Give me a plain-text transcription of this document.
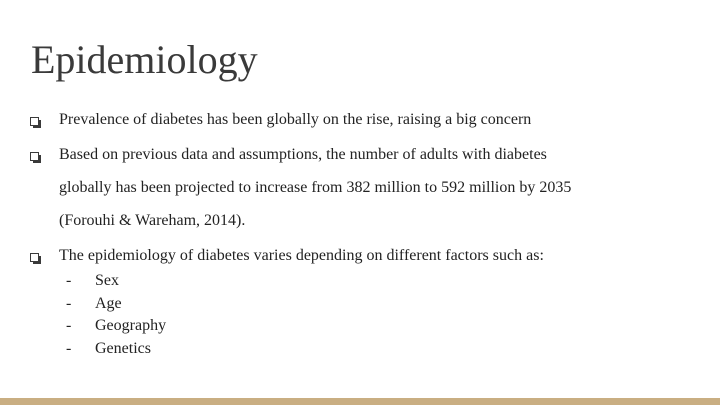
Epidemiology
Prevalence of diabetes has been globally on the rise, raising a big concern
Based on previous data and assumptions, the number of adults with diabetes
globally has been projected to increase from 382 million to 592 million by 2035
(Forouhi & Wareham, 2014).
The epidemiology of diabetes varies depending on different factors such as:
- Sex
- Age
- Geography
- Genetics
